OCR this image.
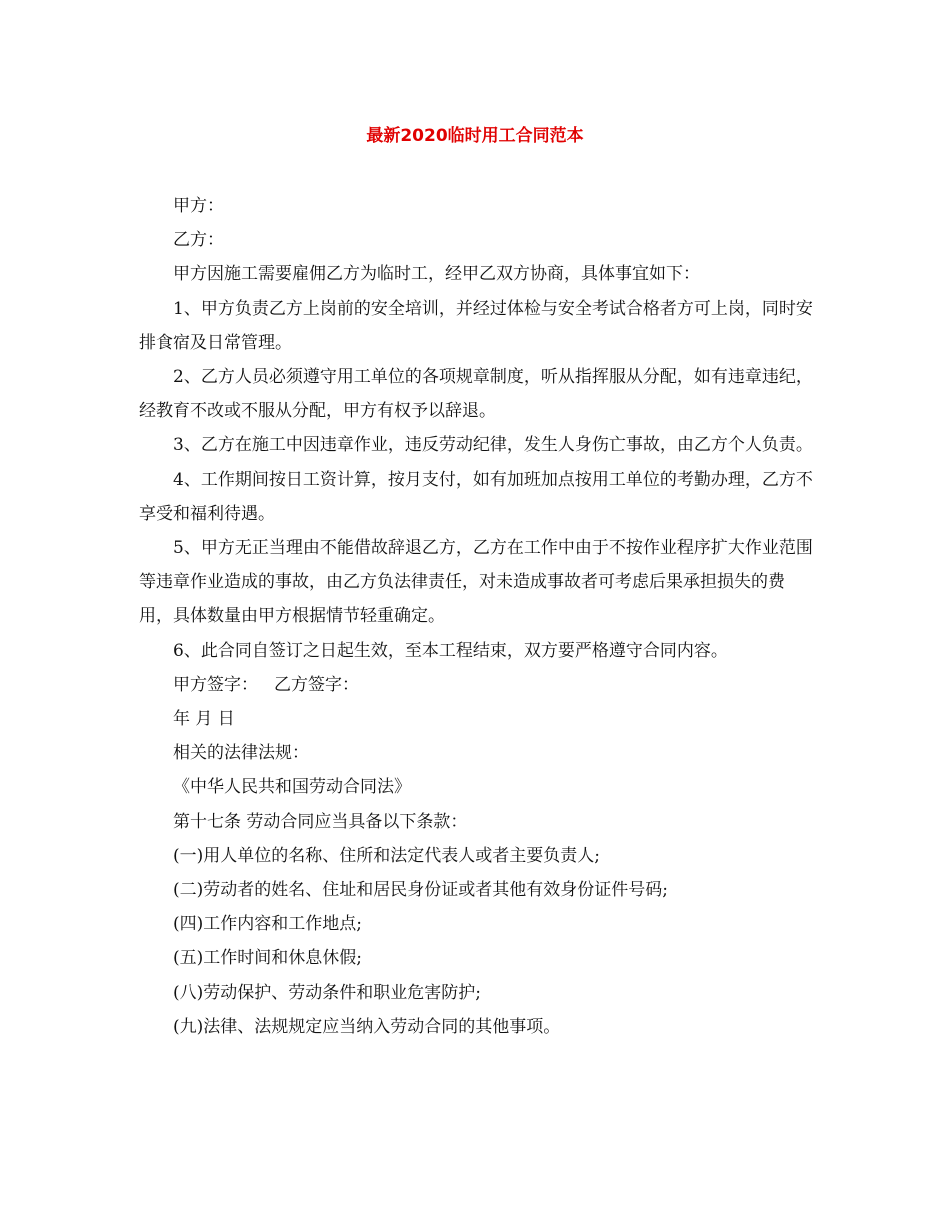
最新2020临时用工合同范本

甲方：

乙方：

甲方因施工需要雇佣乙方为临时工，经甲乙双方协商，具体事宜如下：

1、甲方负责乙方上岗前的安全培训，并经过体检与安全考试合格者方可上岗，同时安排食宿及日常管理。

2、乙方人员必须遵守用工单位的各项规章制度，听从指挥服从分配，如有违章违纪，经教育不改或不服从分配，甲方有权予以辞退。

3、乙方在施工中因违章作业，违反劳动纪律，发生人身伤亡事故，由乙方个人负责。

4、工作期间按日工资计算，按月支付，如有加班加点按用工单位的考勤办理，乙方不享受和福利待遇。

5、甲方无正当理由不能借故辞退乙方，乙方在工作中由于不按作业程序扩大作业范围等违章作业造成的事故，由乙方负法律责任，对未造成事故者可考虑后果承担损失的费用，具体数量由甲方根据情节轻重确定。

6、此合同自签订之日起生效，至本工程结束，双方要严格遵守合同内容。

甲方签字： 乙方签字：

年 月 日

相关的法律法规：

《中华人民共和国劳动合同法》

第十七条 劳动合同应当具备以下条款：

(一)用人单位的名称、住所和法定代表人或者主要负责人;

(二)劳动者的姓名、住址和居民身份证或者其他有效身份证件号码;

(四)工作内容和工作地点;

(五)工作时间和休息休假;

(八)劳动保护、劳动条件和职业危害防护;

(九)法律、法规规定应当纳入劳动合同的其他事项。
